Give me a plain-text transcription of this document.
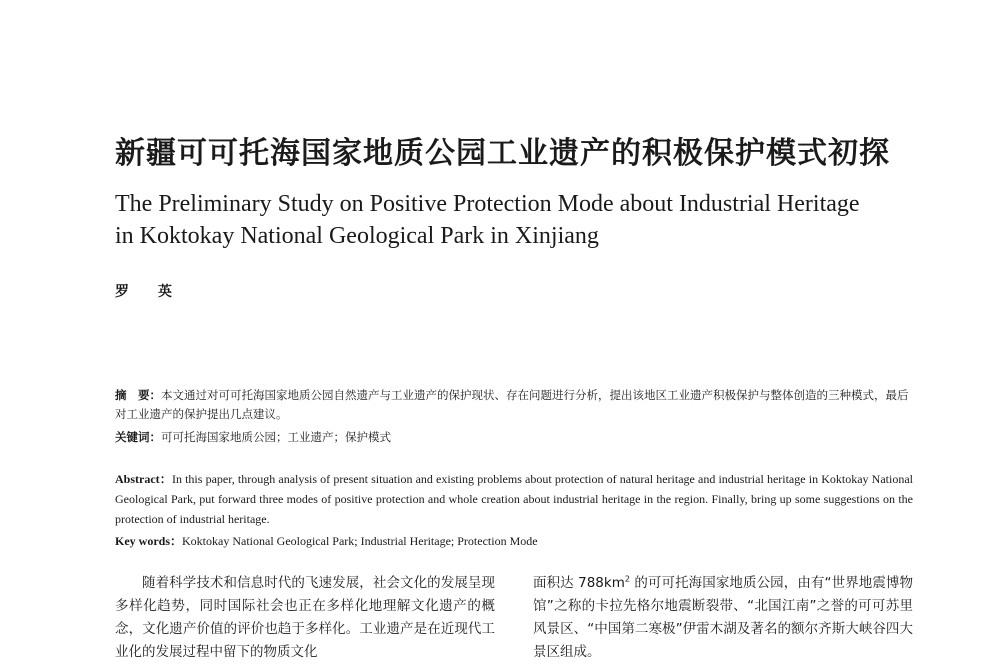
新疆可可托海国家地质公园工业遗产的积极保护模式初探
The Preliminary Study on Positive Protection Mode about Industrial Heritage
in Koktokay National Geological Park in Xinjiang
罗 英
摘　要：本文通过对可可托海国家地质公园自然遗产与工业遗产的保护现状、存在问题进行分析，提出该地区工业遗产积极保护与整体创造的三种模式，最后对工业遗产的保护提出几点建议。
关键词：可可托海国家地质公园；工业遗产；保护模式
Abstract：In this paper, through analysis of present situation and existing problems about protection of natural heritage and industrial heritage in Koktokay National Geological Park, put forward three modes of positive protection and whole creation about industrial heritage in the region. Finally, bring up some suggestions on the protection of industrial heritage.
Key words：Koktokay National Geological Park; Industrial Heritage; Protection Mode
随着科学技术和信息时代的飞速发展，社会文化的发展呈现多样化趋势，同时国际社会也正在多样化地理解文化遗产的概念，文化遗产价值的评价也趋于多样化。工业遗产是在近现代工业化的发展过程中留下的物质文化
面积达 $788km^2$ 的可可托海国家地质公园，由有“世界地震博物馆”之称的卡拉先格尔地震断裂带、“北国江南”之誉的可可苏里风景区、“中国第二寒极”伊雷木湖及著名的额尔齐斯大峡谷四大景区组成。
